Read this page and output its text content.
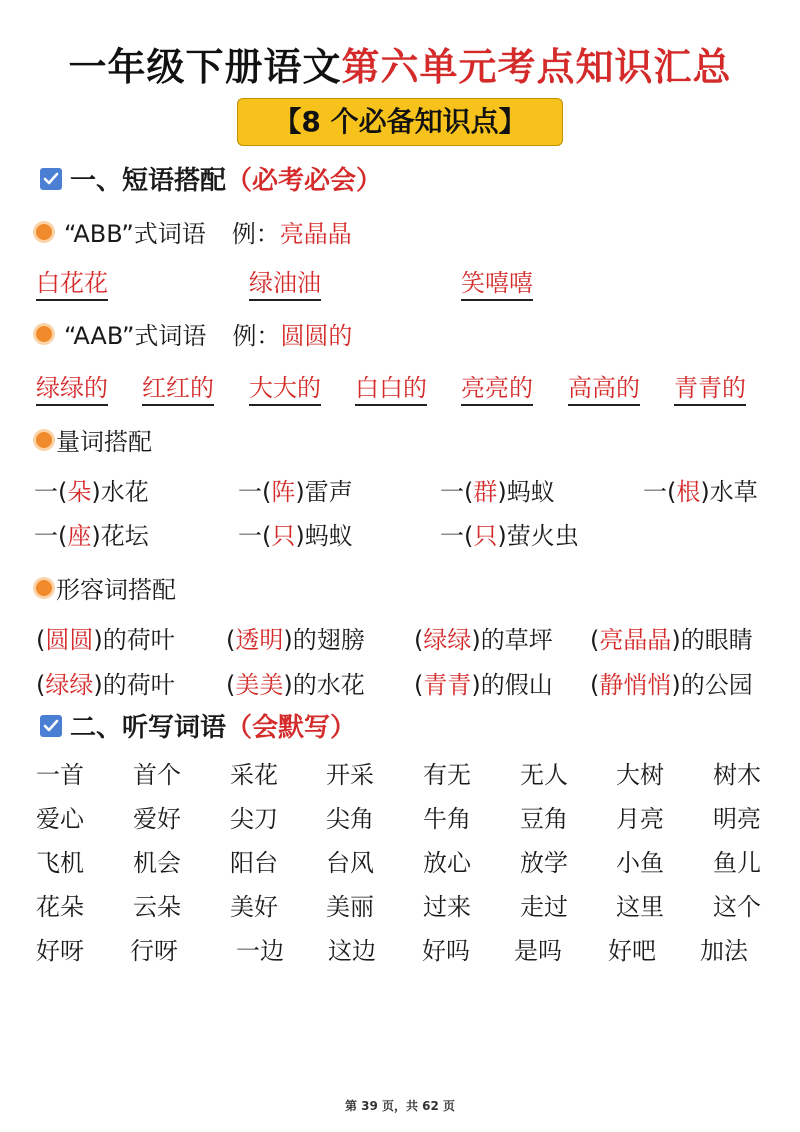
一年级下册语文第六单元考点知识汇总
【8 个必备知识点】
一、短语搭配 （必考必会）
“ABB”式词语 例： 亮晶晶
白花花	绿油油	笑嘻嘻
“AAB”式词语 例： 圆圆的
绿绿的 红红的 大大的 白白的 亮亮的 高高的 青青的
量词搭配
一(朵)水花	一(阵)雷声	一(群)蚂蚁	一(根)水草
一(座)花坛	一(只)蚂蚁	一(只)萤火虫
形容词搭配
(圆圆)的荷叶 (透明)的翅膀 (绿绿)的草坪 (亮晶晶)的眼睛
(绿绿)的荷叶 (美美)的水花 (青青)的假山 (静悄悄)的公园
二、听写词语 （会默写）
一首 首个 采花 开采 有无 无人 大树 树木
爱心 爱好 尖刀 尖角 牛角 豆角 月亮 明亮
飞机 机会 阳台 台风 放心 放学 小鱼 鱼儿
花朵 云朵 美好 美丽 过来 走过 这里 这个
好呀 行呀 一边 这边 好吗 是吗 好吧 加法
第 39 页，共 62 页
